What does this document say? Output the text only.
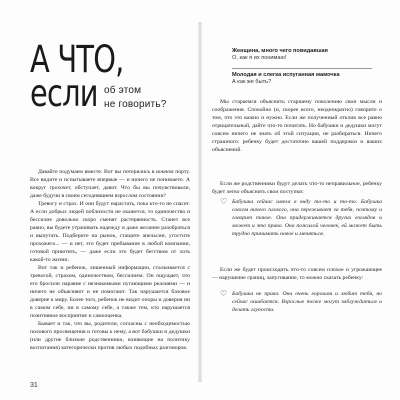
А ЧТО,
если об этом
не говорить?

Давайте подумаем вместе. Вот вы потерялись в южном порту. Все видите и испытываете впервые — и ничего не понимаете. А вокруг грохочет, обступает, давит. Что бы вы почувствовали, даже будучи в своем сегодняшнем взрослом состоянии?

Тревогу и страх. И они будут нарастать, пока кто-то не спасет. А если добрых людей поблизости не окажется, то одиночество и бессилие довольно скоро сменят растерянность. Станет все равно, вы будете утрачивать надежду и даже желание разобраться и выпутать. Подберите на рынок, стащите апельсин, угостите прохожего... — и нет, это будет пребывание в любой компании, готовой приютить, — даже если это будет бегством от хоть какой-то жизни.

Вот так и ребенок, лишенный информации, сталкивается с тревогой, страхом, одиночеством, бессилием. Он ощущает, что его бросили наравне с незнакомыми пугающими реалиями — и ничего не объясняют и не помогают. Так нарушается базовое доверие к миру. Более того, ребенок не видит опоры и доверия ни в самом себе, ни в самому себе, а также тем, кто нарушается позитивное восприятие и самооценка.

Бывает и так, что вы, родители, согласны с необходимостью полового просвещения и готовы к нему, а вот бабушки и дедушки (или другие близкие родственники, влияющие на политику воспитания) категорически против любых подобных разговоров.

31
Женщина, много чего повидавшая
О, как я их понимаю!
Молодая и слегка испуганная мамочка
А как же быть?

Мы стараемся объяснить старшему поколению свои мысли и соображения. Спокойно (и, скорее всего, неоднократно) говорите о том, что это важно и нужно. Если же полученный отклик все равно отрицательный, дайте что-то почитать. Но бабушки и дедушки могут совсем ничего не знать об этой ситуации, не разбираться. Ничего страшного: ребенку будет достаточно вашей поддержки и ваших объяснений.

Если же родственники будут делать что-то неправильное, ребенку будет легко объяснить свои поступки:

♡ Бабушка сейчас имела в виду то-то и то-то. Бабушка совсем ничего плохого, она переживает за тебя, поэтому и говорит такое. Она придерживается других взглядов и может и это право. Она пожилой человек, ей может быть трудно принимать новое и меняться.

Если же будет происходить что-то совсем плохое и угрожающее — нарушение границ, запугивание, то можно сказать ребенку:

♡ Бабушка не права. Она очень хорошая и любит тебя, но сейчас ошибается. Взрослые тоже могут заблуждаться и делать глупости.
